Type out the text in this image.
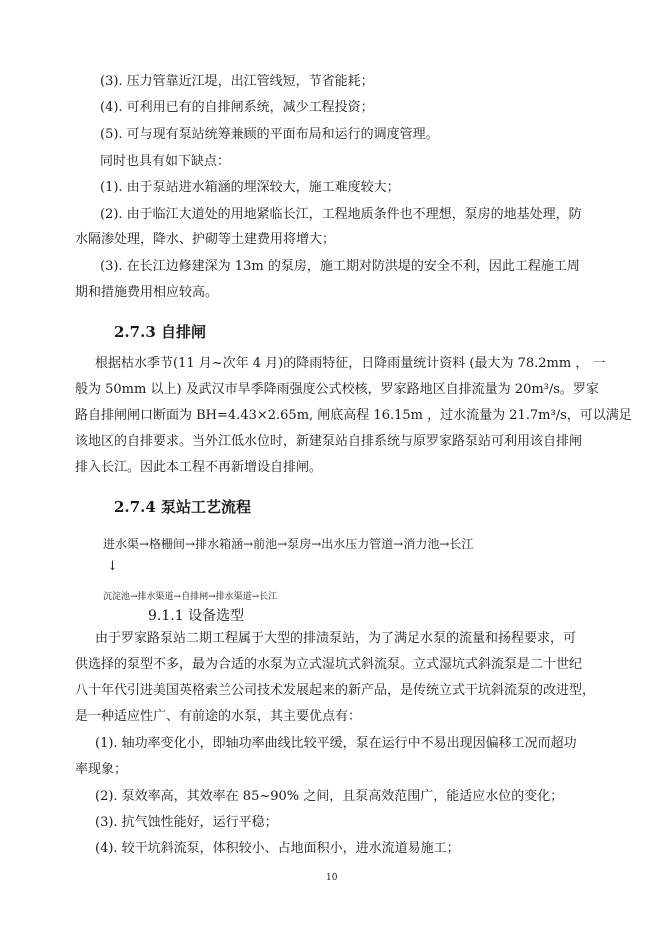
(3). 压力管靠近江堤，出江管线短，节省能耗；
(4). 可利用已有的自排闸系统，减少工程投资；
(5). 可与现有泵站统筹兼顾的平面布局和运行的调度管理。
同时也具有如下缺点：
(1). 由于泵站进水箱涵的埋深较大，施工难度较大；
(2). 由于临江大道处的用地紧临长江，工程地质条件也不理想，泵房的地基处理，防
水隔渗处理，降水、护砌等土建费用将增大；
(3). 在长江边修建深为 13m 的泵房，施工期对防洪堤的安全不利，因此工程施工周
期和措施费用相应较高。
2.7.3 自排闸
根据枯水季节(11 月~次年 4 月)的降雨特征，日降雨量统计资料 (最大为 78.2mm ， 一
般为 50mm 以上) 及武汉市旱季降雨强度公式校核，罗家路地区自排流量为 20m³/s。罗家
路自排闸闸口断面为 BH=4.43×2.65m, 闸底高程 16.15m ，过水流量为 21.7m³/s，可以满足
该地区的自排要求。当外江低水位时，新建泵站自排系统与原罗家路泵站可利用该自排闸
排入长江。因此本工程不再新增设自排闸。
2.7.4 泵站工艺流程
进水渠→格栅间→排水箱涵→前池→泵房→出水压力管道→消力池→长江
↓
沉淀池→排水渠道→自排闸→排水渠道→长江
9.1.1 设备选型
由于罗家路泵站二期工程属于大型的排渍泵站，为了满足水泵的流量和扬程要求，可
供选择的泵型不多，最为合适的水泵为立式湿坑式斜流泵。立式湿坑式斜流泵是二十世纪
八十年代引进美国英格索兰公司技术发展起来的新产品，是传统立式干坑斜流泵的改进型，
是一种适应性广、有前途的水泵，其主要优点有：
(1). 轴功率变化小，即轴功率曲线比较平缓，泵在运行中不易出现因偏移工况而超功
率现象；
(2). 泵效率高，其效率在 85~90% 之间，且泵高效范围广，能适应水位的变化；
(3). 抗气蚀性能好，运行平稳；
(4). 较干坑斜流泵，体积较小、占地面积小，进水流道易施工；
10
